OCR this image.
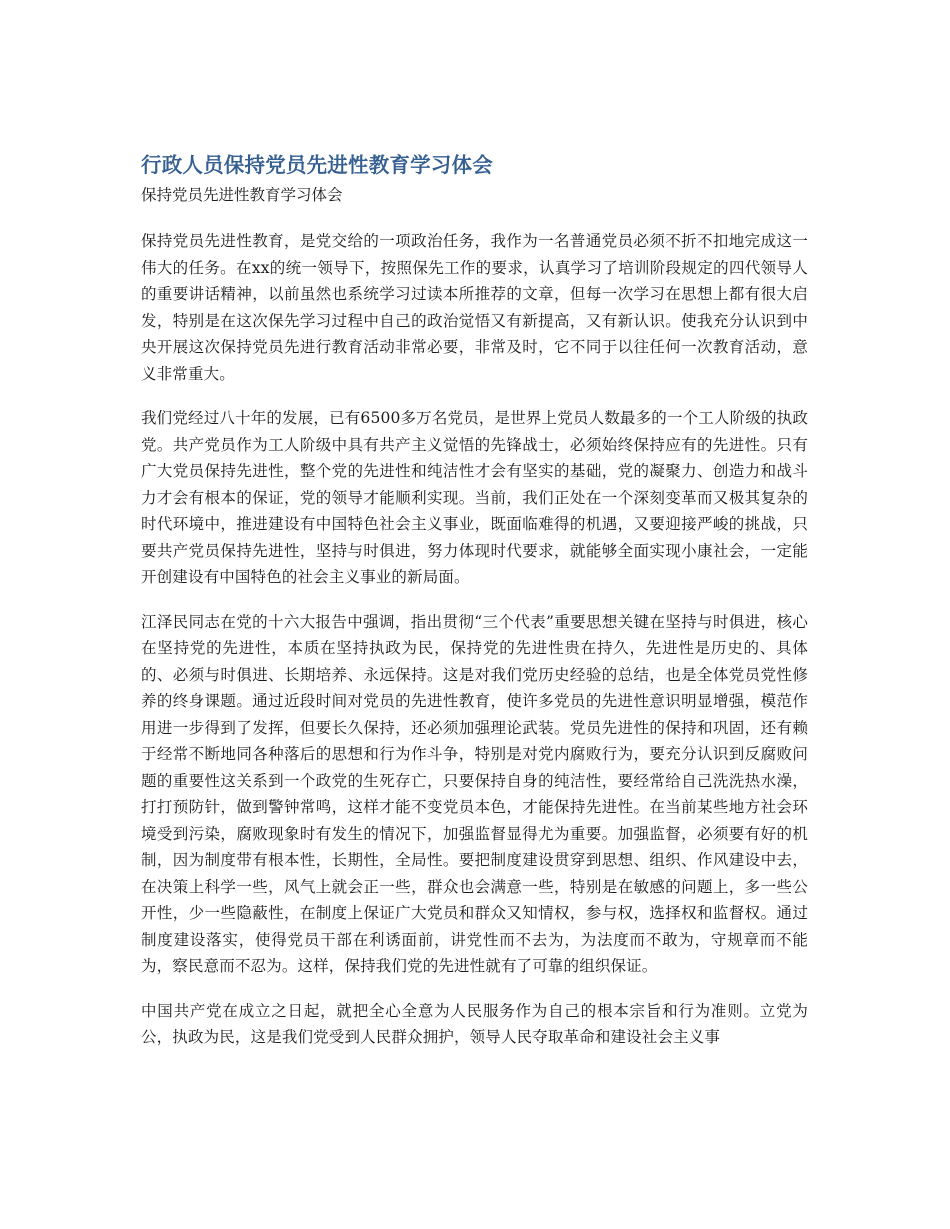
行政人员保持党员先进性教育学习体会
保持党员先进性教育学习体会

保持党员先进性教育，是党交给的一项政治任务，我作为一名普通党员必须不折不扣地完成这一伟大的任务。在xx的统一领导下，按照保先工作的要求，认真学习了培训阶段规定的四代领导人的重要讲话精神，以前虽然也系统学习过读本所推荐的文章，但每一次学习在思想上都有很大启发，特别是在这次保先学习过程中自己的政治觉悟又有新提高，又有新认识。使我充分认识到中央开展这次保持党员先进行教育活动非常必要，非常及时，它不同于以往任何一次教育活动，意义非常重大。

我们党经过八十年的发展，已有6500多万名党员，是世界上党员人数最多的一个工人阶级的执政党。共产党员作为工人阶级中具有共产主义觉悟的先锋战士，必须始终保持应有的先进性。只有广大党员保持先进性，整个党的先进性和纯洁性才会有坚实的基础，党的凝聚力、创造力和战斗力才会有根本的保证，党的领导才能顺利实现。当前，我们正处在一个深刻变革而又极其复杂的时代环境中，推进建设有中国特色社会主义事业，既面临难得的机遇，又要迎接严峻的挑战，只要共产党员保持先进性，坚持与时俱进，努力体现时代要求，就能够全面实现小康社会，一定能开创建设有中国特色的社会主义事业的新局面。

江泽民同志在党的十六大报告中强调，指出贯彻“三个代表”重要思想关键在坚持与时俱进，核心在坚持党的先进性，本质在坚持执政为民，保持党的先进性贵在持久，先进性是历史的、具体的、必须与时俱进、长期培养、永远保持。这是对我们党历史经验的总结，也是全体党员党性修养的终身课题。通过近段时间对党员的先进性教育，使许多党员的先进性意识明显增强，模范作用进一步得到了发挥，但要长久保持，还必须加强理论武装。党员先进性的保持和巩固，还有赖于经常不断地同各种落后的思想和行为作斗争，特别是对党内腐败行为，要充分认识到反腐败问题的重要性这关系到一个政党的生死存亡，只要保持自身的纯洁性，要经常给自己洗洗热水澡，打打预防针，做到警钟常鸣，这样才能不变党员本色，才能保持先进性。在当前某些地方社会环境受到污染，腐败现象时有发生的情况下，加强监督显得尤为重要。加强监督，必须要有好的机制，因为制度带有根本性，长期性，全局性。要把制度建设贯穿到思想、组织、作风建设中去，在决策上科学一些，风气上就会正一些，群众也会满意一些，特别是在敏感的问题上，多一些公开性，少一些隐蔽性，在制度上保证广大党员和群众又知情权，参与权，选择权和监督权。通过制度建设落实，使得党员干部在利诱面前，讲党性而不去为，为法度而不敢为，守规章而不能为，察民意而不忍为。这样，保持我们党的先进性就有了可靠的组织保证。

中国共产党在成立之日起，就把全心全意为人民服务作为自己的根本宗旨和行为准则。立党为公，执政为民，这是我们党受到人民群众拥护，领导人民夺取革命和建设社会主义事
